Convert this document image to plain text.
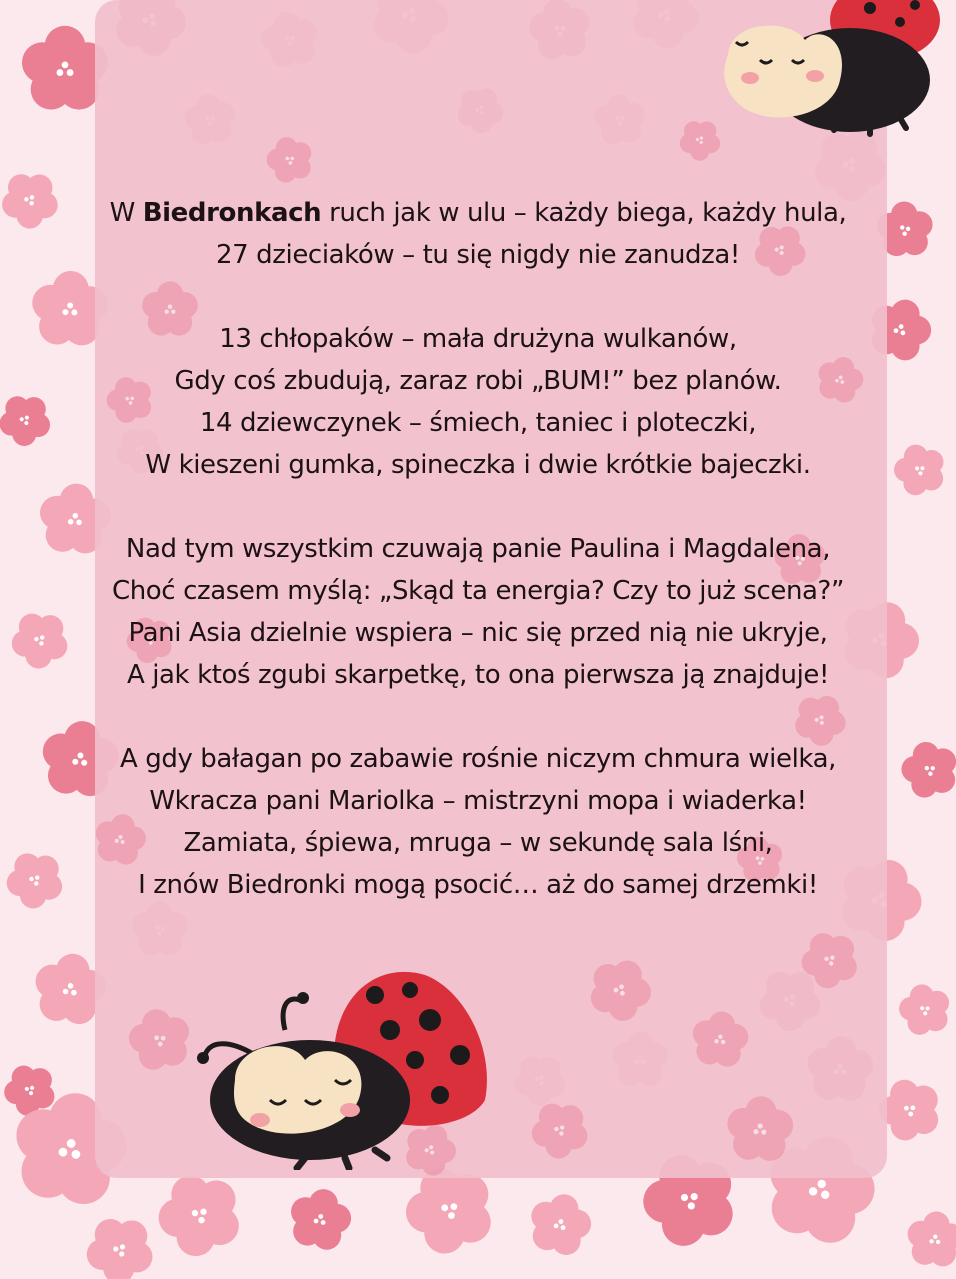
W Biedronkach ruch jak w ulu – każdy biega, każdy hula,
27 dzieciaków – tu się nigdy nie zanudza!
13 chłopaków – mała drużyna wulkanów,
Gdy coś zbudują, zaraz robi „BUM!” bez planów.
14 dziewczynek – śmiech, taniec i ploteczki,
W kieszeni gumka, spineczka i dwie krótkie bajeczki.
Nad tym wszystkim czuwają panie Paulina i Magdalena,
Choć czasem myślą: „Skąd ta energia? Czy to już scena?”
Pani Asia dzielnie wspiera – nic się przed nią nie ukryje,
A jak ktoś zgubi skarpetkę, to ona pierwsza ją znajduje!
A gdy bałagan po zabawie rośnie niczym chmura wielka,
Wkracza pani Mariolka – mistrzyni mopa i wiaderka!
Zamiata, śpiewa, mruga – w sekundę sala lśni,
I znów Biedronki mogą psocić… aż do samej drzemki!
